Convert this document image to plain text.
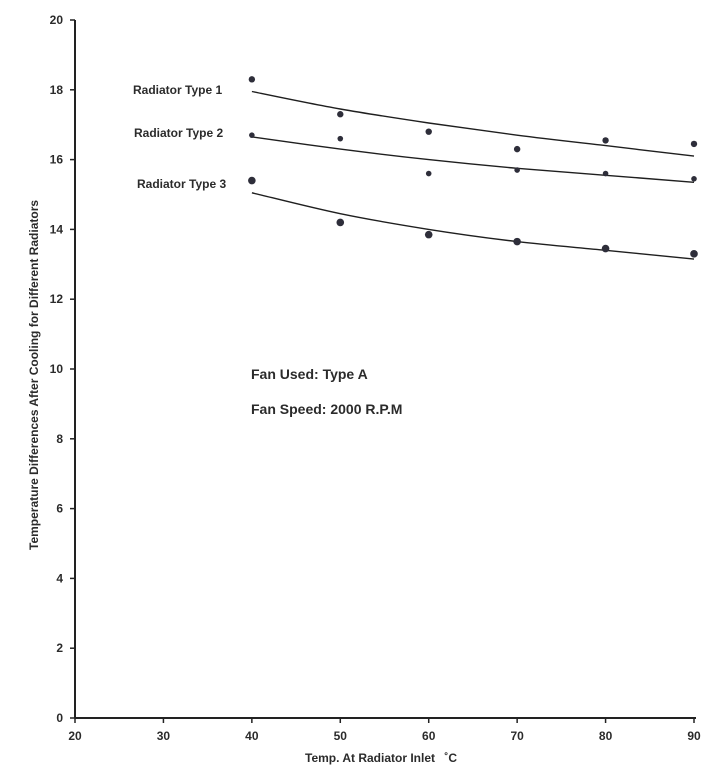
0
2
4
6
8
10
12
14
16
18
20
20	30	40	50	60	70	80	90
Radiator Type 1
Radiator Type 2
Radiator Type 3
Fan Used: Type A
Fan Speed: 2000 R.P.M
Temp. At Radiator Inlet ˚C
Temperature Differences After Cooling for Different Radiators
